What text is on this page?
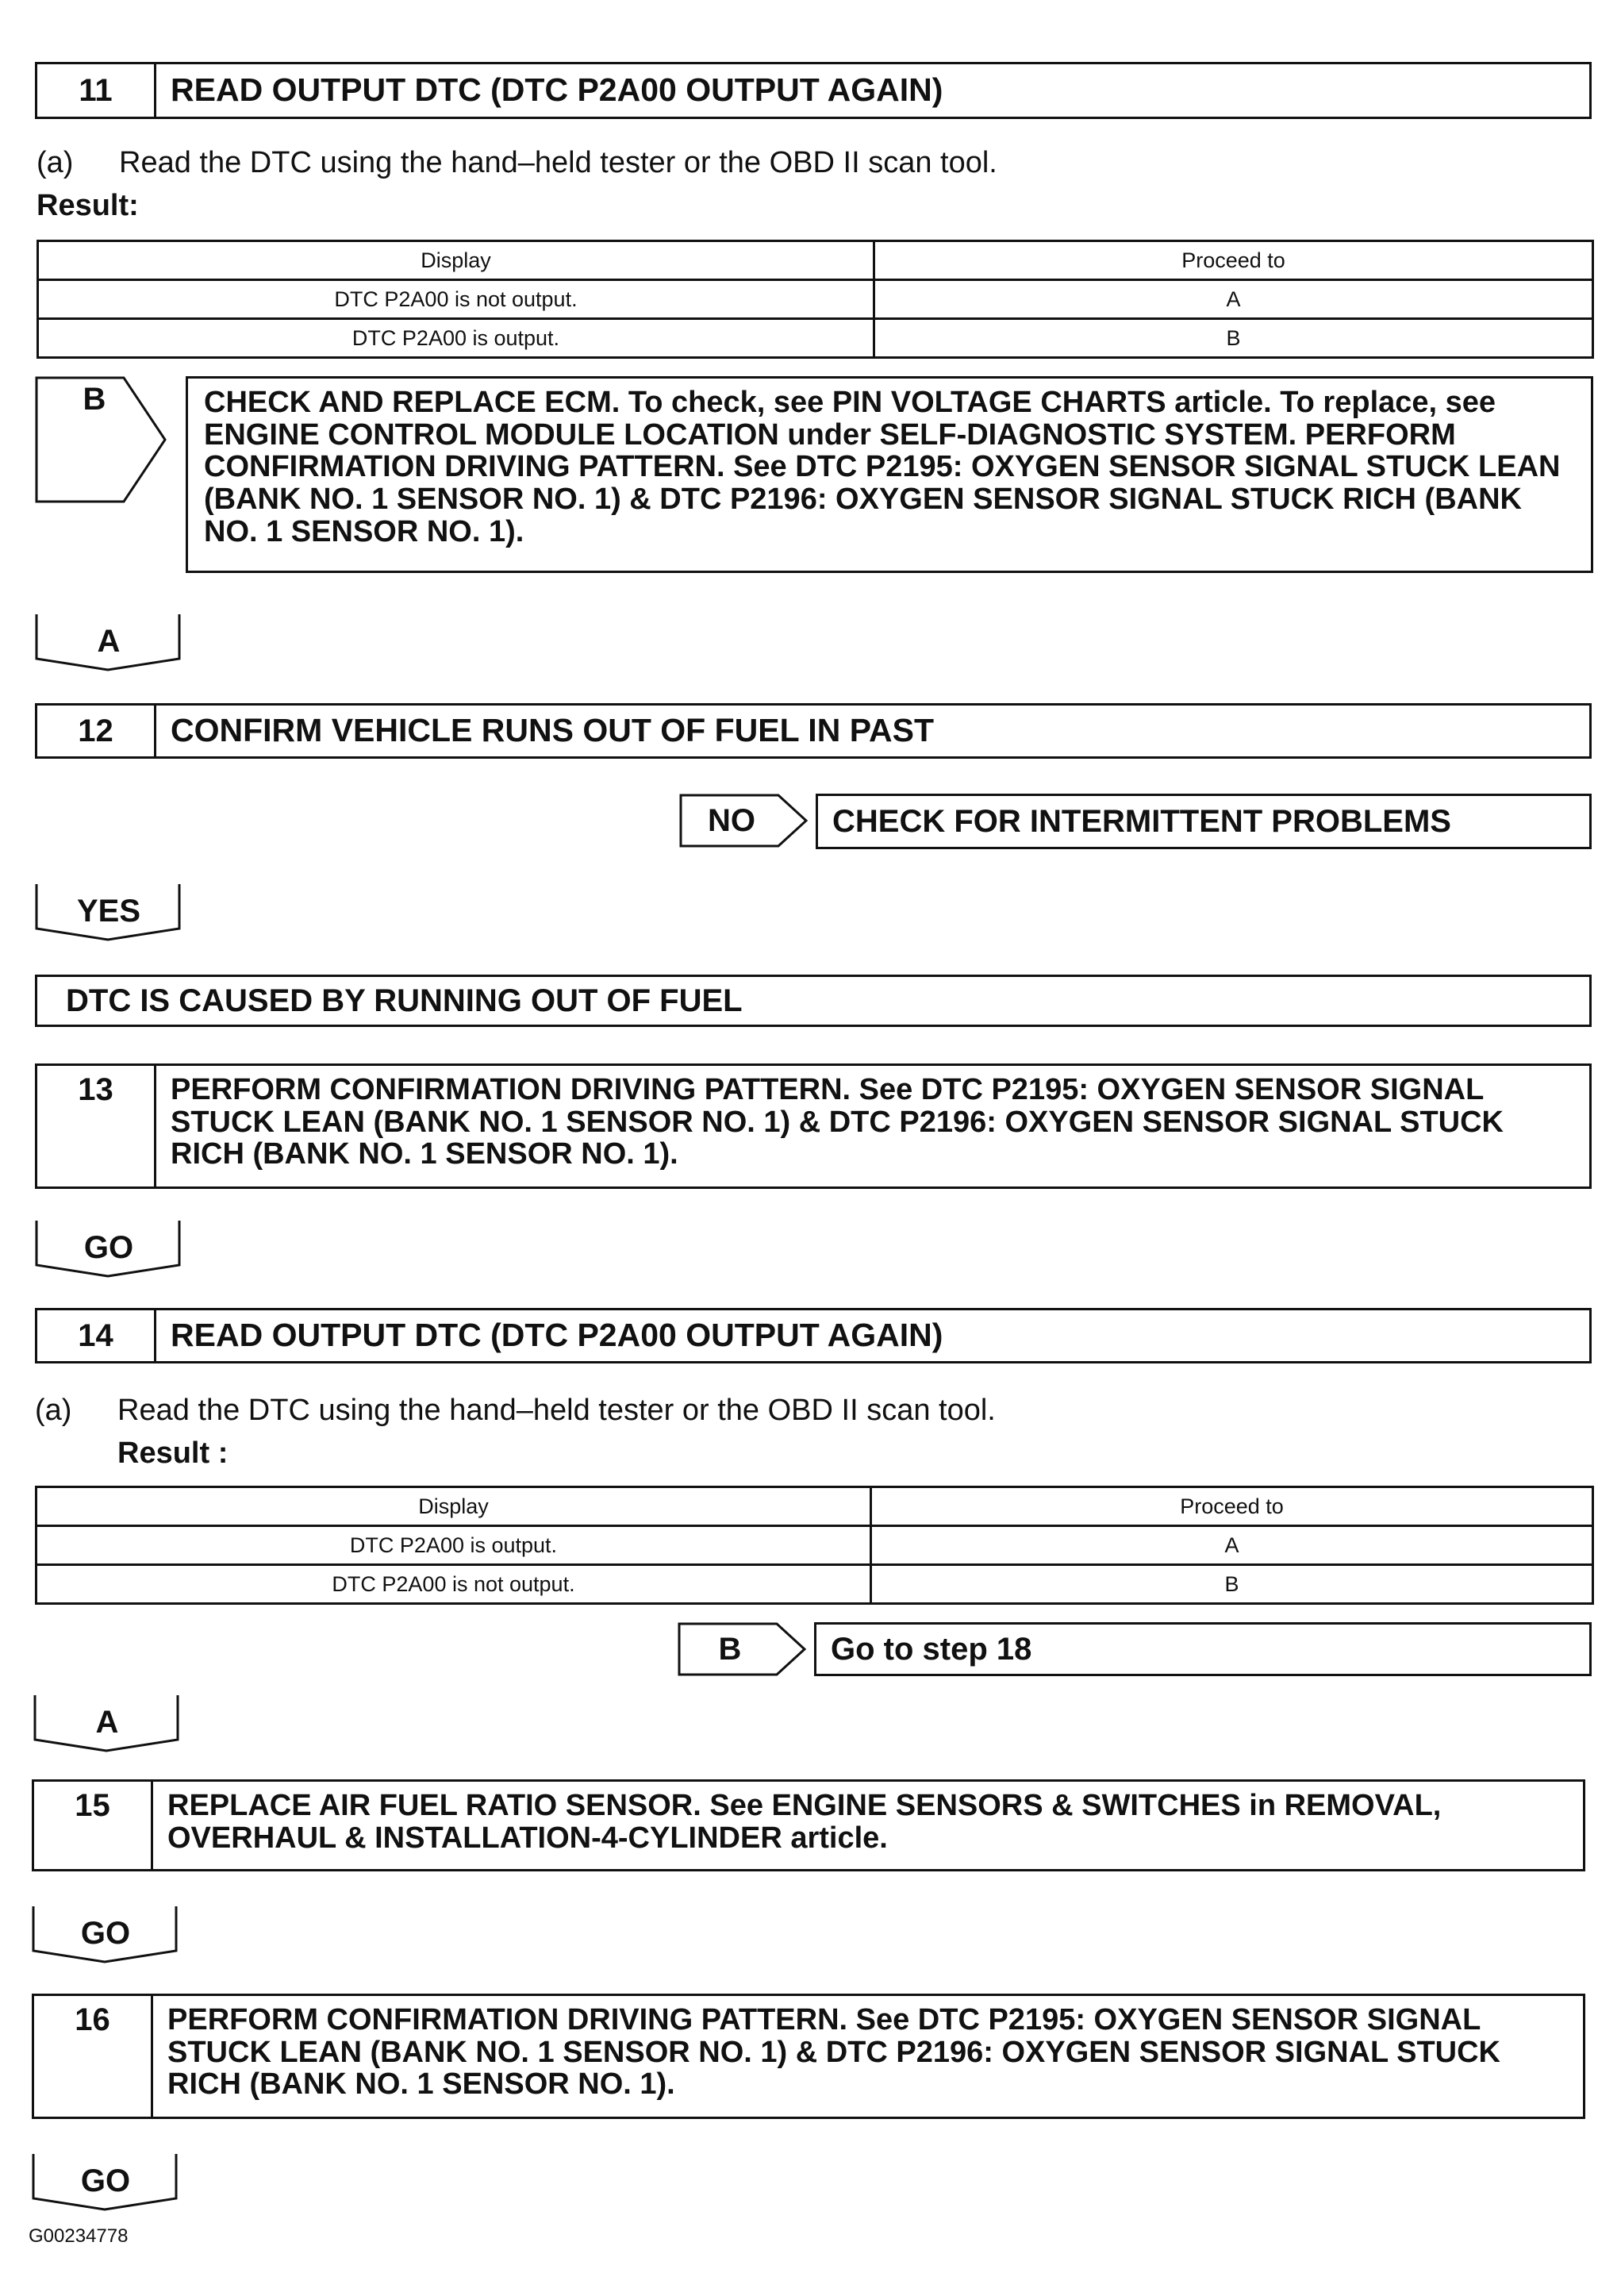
11	READ OUTPUT DTC (DTC P2A00 OUTPUT AGAIN)
(a) Read the DTC using the hand–held tester or the OBD II scan tool.
Result:
Display	Proceed to
DTC P2A00 is not output.	A
DTC P2A00 is output.	B
B	CHECK AND REPLACE ECM. To check, see PIN VOLTAGE CHARTS article. To replace, see ENGINE CONTROL MODULE LOCATION under SELF-DIAGNOSTIC SYSTEM. PERFORM CONFIRMATION DRIVING PATTERN. See DTC P2195: OXYGEN SENSOR SIGNAL STUCK LEAN (BANK NO. 1 SENSOR NO. 1) & DTC P2196: OXYGEN SENSOR SIGNAL STUCK RICH (BANK NO. 1 SENSOR NO. 1).
A
12	CONFIRM VEHICLE RUNS OUT OF FUEL IN PAST
NO	CHECK FOR INTERMITTENT PROBLEMS
YES
DTC IS CAUSED BY RUNNING OUT OF FUEL
13	PERFORM CONFIRMATION DRIVING PATTERN. See DTC P2195: OXYGEN SENSOR SIGNAL STUCK LEAN (BANK NO. 1 SENSOR NO. 1) & DTC P2196: OXYGEN SENSOR SIGNAL STUCK RICH (BANK NO. 1 SENSOR NO. 1).
GO
14	READ OUTPUT DTC (DTC P2A00 OUTPUT AGAIN)
(a) Read the DTC using the hand–held tester or the OBD II scan tool.
Result :
Display	Proceed to
DTC P2A00 is output.	A
DTC P2A00 is not output.	B
B	Go to step 18
A
15	REPLACE AIR FUEL RATIO SENSOR. See ENGINE SENSORS & SWITCHES in REMOVAL, OVERHAUL & INSTALLATION-4-CYLINDER article.
GO
16	PERFORM CONFIRMATION DRIVING PATTERN. See DTC P2195: OXYGEN SENSOR SIGNAL STUCK LEAN (BANK NO. 1 SENSOR NO. 1) & DTC P2196: OXYGEN SENSOR SIGNAL STUCK RICH (BANK NO. 1 SENSOR NO. 1).
GO
G00234778
